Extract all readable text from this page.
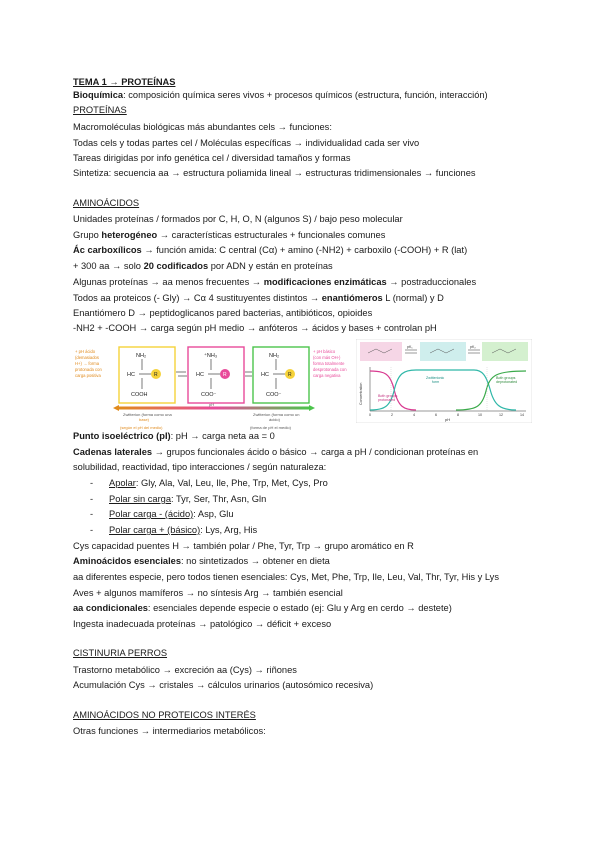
TEMA 1 → PROTEÍNAS
Bioquímica: composición química seres vivos + procesos químicos (estructura, función, interacción)
PROTEÍNAS
Macromoléculas biológicas más abundantes cels → funciones:
Todas cels y todas partes cel / Moléculas específicas → individualidad cada ser vivo
Tareas dirigidas por info genética cel / diversidad tamaños y formas
Sintetiza: secuencia aa → estructura poliamida lineal → estructuras tridimensionales → funciones
AMINOÁCIDOS
Unidades proteínas / formados por C, H, O, N (algunos S) / bajo peso molecular
Grupo heterogéneo → características estructurales + funcionales comunes
Ác carboxílicos → función amida: C central (Cα) + amino (-NH2) + carboxilo (-COOH) + R (lat)
+ 300 aa → solo 20 codificados por ADN y están en proteínas
Algunas proteínas → aa menos frecuentes → modificaciones enzimáticas → postraduccionales
Todos aa proteicos (- Gly) → Cα 4 sustituyentes distintos → enantiómeros L (normal) y D
Enantiómero D → peptidoglicanos pared bacterias, antibióticos, opioides
-NH2 + -COOH → carga según pH medio → anfóteros → ácidos y bases + controlan pH
+ pH ácido
(demasiados
H+) → forma
protonada con
carga positiva
NH₂
HC	R
COOH
⁺NH₃
HC	R
COO⁻
NH₂
HC	R
COO⁻
+ pH básico
(con más OH-)
forma totalmente
desprotonada con
carga negativa
pH
Zwitterion (forma como una
base)
Zwitterion (forma como un
ácido)
(según el pH del medio)	(forma de pH el medio)
pK₁	pK₂
Concentration
pH
0	2	4	6	8	10	12	14
Zwitterionic
form
Both groups
deprotonated
Both groups
protonated
Punto isoeléctrico (pI): pH → carga neta aa = 0
Cadenas laterales → grupos funcionales ácido o básico → carga a pH / condicionan proteínas en
solubilidad, reactividad, tipo interacciones / según naturaleza:
- Apolar: Gly, Ala, Val, Leu, Ile, Phe, Trp, Met, Cys, Pro
- Polar sin carga: Tyr, Ser, Thr, Asn, Gln
- Polar carga - (ácido): Asp, Glu
- Polar carga + (básico): Lys, Arg, His
Cys capacidad puentes H → también polar / Phe, Tyr, Trp → grupo aromático en R
Aminoácidos esenciales: no sintetizados → obtener en dieta
aa diferentes especie, pero todos tienen esenciales: Cys, Met, Phe, Trp, Ile, Leu, Val, Thr, Tyr, His y Lys
Aves + algunos mamíferos → no síntesis Arg → también esencial
aa condicionales: esenciales depende especie o estado (ej: Glu y Arg en cerdo → destete)
Ingesta inadecuada proteínas → patológico → déficit + exceso
CISTINURIA PERROS
Trastorno metabólico → excreción aa (Cys) → riñones
Acumulación Cys → cristales → cálculos urinarios (autosómico recesiva)
AMINOÁCIDOS NO PROTEICOS INTERÉS
Otras funciones → intermediarios metabólicos:
